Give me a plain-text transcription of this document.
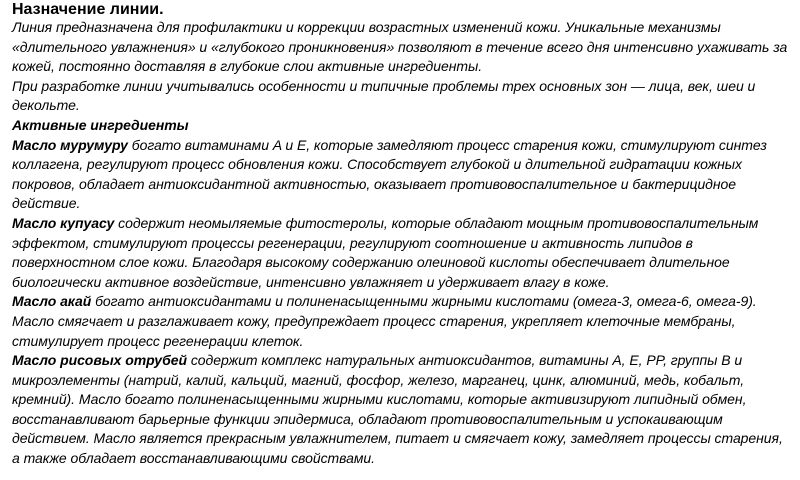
Назначение линии.

Линия предназначена для профилактики и коррекции возрастных изменений кожи. Уникальные механизмы «длительного увлажнения» и «глубокого проникновения» позволяют в течение всего дня интенсивно ухаживать за кожей, постоянно доставляя в глубокие слои активные ингредиенты.

При разработке линии учитывались особенности и типичные проблемы трех основных зон — лица, век, шеи и декольте.

Активные ингредиенты

Масло мурумуру богато витаминами A и E, которые замедляют процесс старения кожи, стимулируют синтез коллагена, регулируют процесс обновления кожи. Способствует глубокой и длительной гидратации кожных покровов, обладает антиоксидантной активностью, оказывает противовоспалительное и бактерицидное действие.

Масло купуасу содержит неомыляемые фитостеролы, которые обладают мощным противовоспалительным эффектом, стимулируют процессы регенерации, регулируют соотношение и активность липидов в поверхностном слое кожи. Благодаря высокому содержанию олеиновой кислоты обеспечивает длительное биологически активное воздействие, интенсивно увлажняет и удерживает влагу в коже.

Масло акай богато антиоксидантами и полиненасыщенными жирными кислотами (омега-3, омега-6, омега-9). Масло смягчает и разглаживает кожу, предупреждает процесс старения, укрепляет клеточные мембраны, стимулирует процесс регенерации клеток.

Масло рисовых отрубей содержит комплекс натуральных антиоксидантов, витамины A, E, PP, группы B и микроэлементы (натрий, калий, кальций, магний, фосфор, железо, марганец, цинк, алюминий, медь, кобальт, кремний). Масло богато полиненасыщенными жирными кислотами, которые активизируют липидный обмен, восстанавливают барьерные функции эпидермиса, обладают противовоспалительным и успокаивающим действием. Масло является прекрасным увлажнителем, питает и смягчает кожу, замедляет процессы старения, а также обладает восстанавливающими свойствами.
